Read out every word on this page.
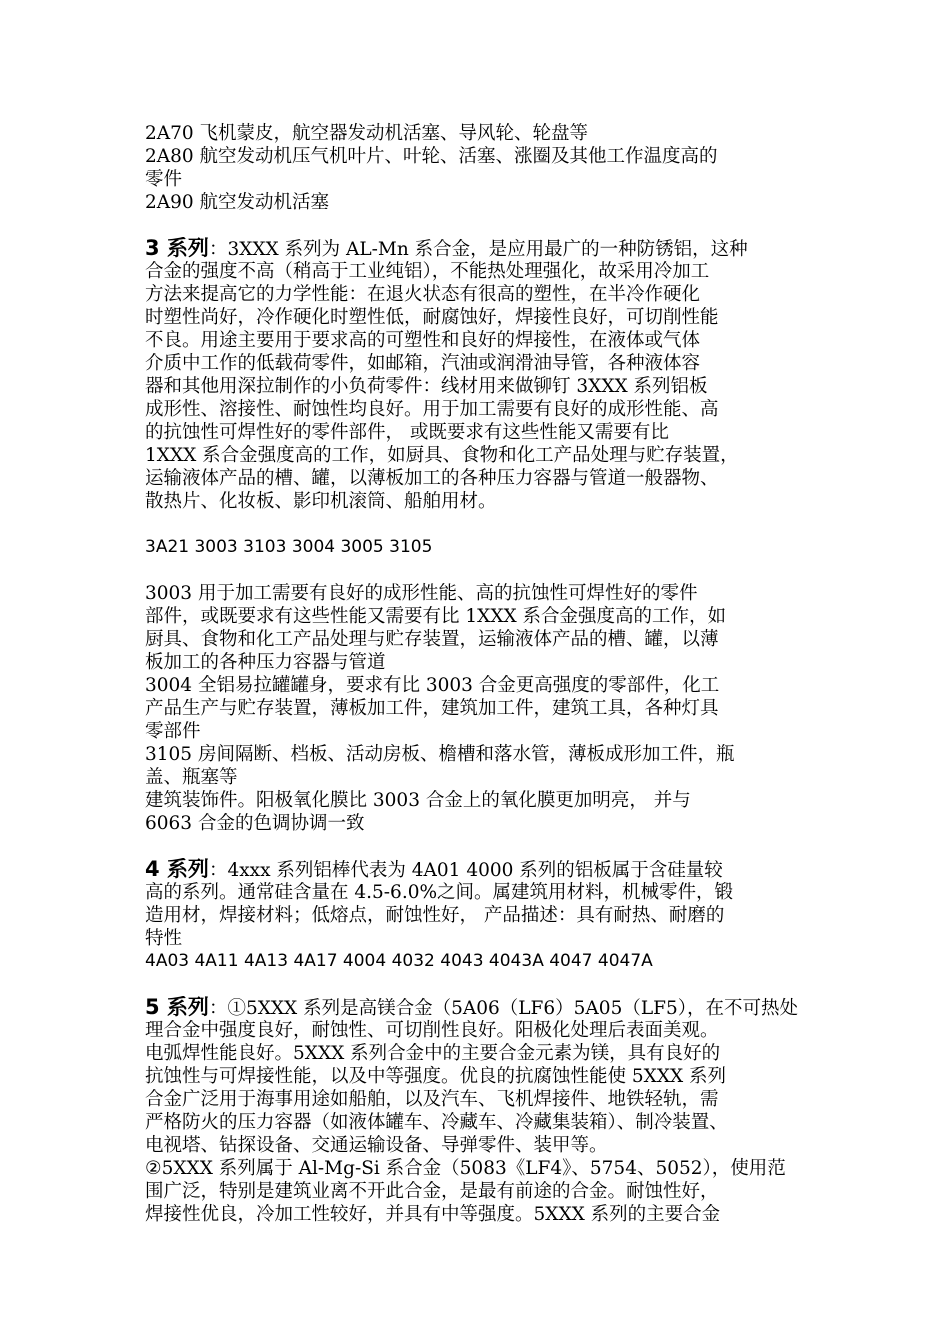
2A70 飞机蒙皮，航空器发动机活塞、导风轮、轮盘等
2A80 航空发动机压气机叶片、叶轮、活塞、涨圈及其他工作温度高的
零件
2A90 航空发动机活塞
3 系列：3XXX 系列为 AL-Mn 系合金，是应用最广的一种防锈铝，这种
合金的强度不高（稍高于工业纯铝），不能热处理强化，故采用冷加工
方法来提高它的力学性能：在退火状态有很高的塑性，在半冷作硬化
时塑性尚好，冷作硬化时塑性低，耐腐蚀好，焊接性良好，可切削性能
不良。用途主要用于要求高的可塑性和良好的焊接性，在液体或气体
介质中工作的低载荷零件，如邮箱，汽油或润滑油导管，各种液体容
器和其他用深拉制作的小负荷零件：线材用来做铆钉 3XXX 系列铝板
成形性、溶接性、耐蚀性均良好。用于加工需要有良好的成形性能、高
的抗蚀性可焊性好的零件部件， 或既要求有这些性能又需要有比
1XXX 系合金强度高的工作，如厨具、食物和化工产品处理与贮存装置，
运输液体产品的槽、罐，以薄板加工的各种压力容器与管道一般器物、
散热片、化妆板、影印机滚筒、船舶用材。
3A21 3003 3103 3004 3005 3105
3003 用于加工需要有良好的成形性能、高的抗蚀性可焊性好的零件
部件，或既要求有这些性能又需要有比 1XXX 系合金强度高的工作，如
厨具、食物和化工产品处理与贮存装置，运输液体产品的槽、罐，以薄
板加工的各种压力容器与管道
3004 全铝易拉罐罐身，要求有比 3003 合金更高强度的零部件，化工
产品生产与贮存装置，薄板加工件，建筑加工件，建筑工具，各种灯具
零部件
3105 房间隔断、档板、活动房板、檐槽和落水管，薄板成形加工件，瓶
盖、瓶塞等
建筑装饰件。阳极氧化膜比 3003 合金上的氧化膜更加明亮， 并与
6063 合金的色调协调一致
4 系列：4xxx 系列铝棒代表为 4A01 4000 系列的铝板属于含硅量较
高的系列。通常硅含量在 4.5-6.0%之间。属建筑用材料，机械零件，锻
造用材，焊接材料；低熔点，耐蚀性好， 产品描述：具有耐热、耐磨的
特性
4A03 4A11 4A13 4A17 4004 4032 4043 4043A 4047 4047A
5 系列：①5XXX 系列是高镁合金（5A06（LF6）5A05（LF5），在不可热处
理合金中强度良好，耐蚀性、可切削性良好。阳极化处理后表面美观。
电弧焊性能良好。5XXX 系列合金中的主要合金元素为镁，具有良好的
抗蚀性与可焊接性能，以及中等强度。优良的抗腐蚀性能使 5XXX 系列
合金广泛用于海事用途如船舶，以及汽车、飞机焊接件、地铁轻轨，需
严格防火的压力容器（如液体罐车、冷藏车、冷藏集装箱）、制冷装置、
电视塔、钻探设备、交通运输设备、导弹零件、装甲等。
②5XXX 系列属于 Al-Mg-Si 系合金（5083《LF4》、5754、5052），使用范
围广泛，特别是建筑业离不开此合金，是最有前途的合金。耐蚀性好，
焊接性优良，冷加工性较好，并具有中等强度。5XXX 系列的主要合金
